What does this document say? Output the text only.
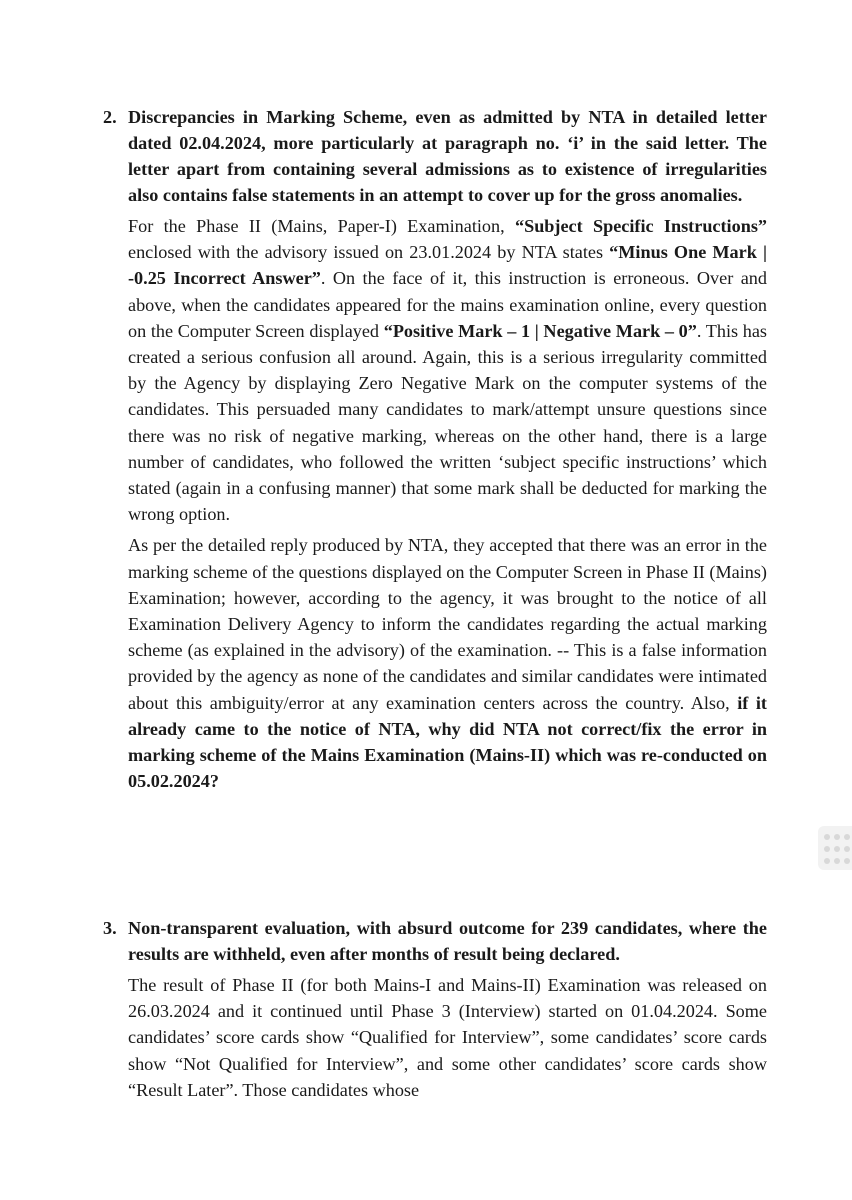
2. Discrepancies in Marking Scheme, even as admitted by NTA in detailed letter dated 02.04.2024, more particularly at paragraph no. ‘i’ in the said letter. The letter apart from containing several admissions as to existence of irregularities also contains false statements in an attempt to cover up for the gross anomalies.

For the Phase II (Mains, Paper-I) Examination, “Subject Specific Instructions” enclosed with the advisory issued on 23.01.2024 by NTA states “Minus One Mark | -0.25 Incorrect Answer”. On the face of it, this instruction is erroneous. Over and above, when the candidates appeared for the mains examination online, every question on the Computer Screen displayed “Positive Mark – 1 | Negative Mark – 0”. This has created a serious confusion all around. Again, this is a serious irregularity committed by the Agency by displaying Zero Negative Mark on the computer systems of the candidates. This persuaded many candidates to mark/attempt unsure questions since there was no risk of negative marking, whereas on the other hand, there is a large number of candidates, who followed the written ‘subject specific instructions’ which stated (again in a confusing manner) that some mark shall be deducted for marking the wrong option.

As per the detailed reply produced by NTA, they accepted that there was an error in the marking scheme of the questions displayed on the Computer Screen in Phase II (Mains) Examination; however, according to the agency, it was brought to the notice of all Examination Delivery Agency to inform the candidates regarding the actual marking scheme (as explained in the advisory) of the examination. -- This is a false information provided by the agency as none of the candidates and similar candidates were intimated about this ambiguity/error at any examination centers across the country. Also, if it already came to the notice of NTA, why did NTA not correct/fix the error in marking scheme of the Mains Examination (Mains-II) which was re-conducted on 05.02.2024?

3. Non-transparent evaluation, with absurd outcome for 239 candidates, where the results are withheld, even after months of result being declared.

The result of Phase II (for both Mains-I and Mains-II) Examination was released on 26.03.2024 and it continued until Phase 3 (Interview) started on 01.04.2024. Some candidates’ score cards show “Qualified for Interview”, some candidates’ score cards show “Not Qualified for Interview”, and some other candidates’ score cards show “Result Later”. Those candidates whose
